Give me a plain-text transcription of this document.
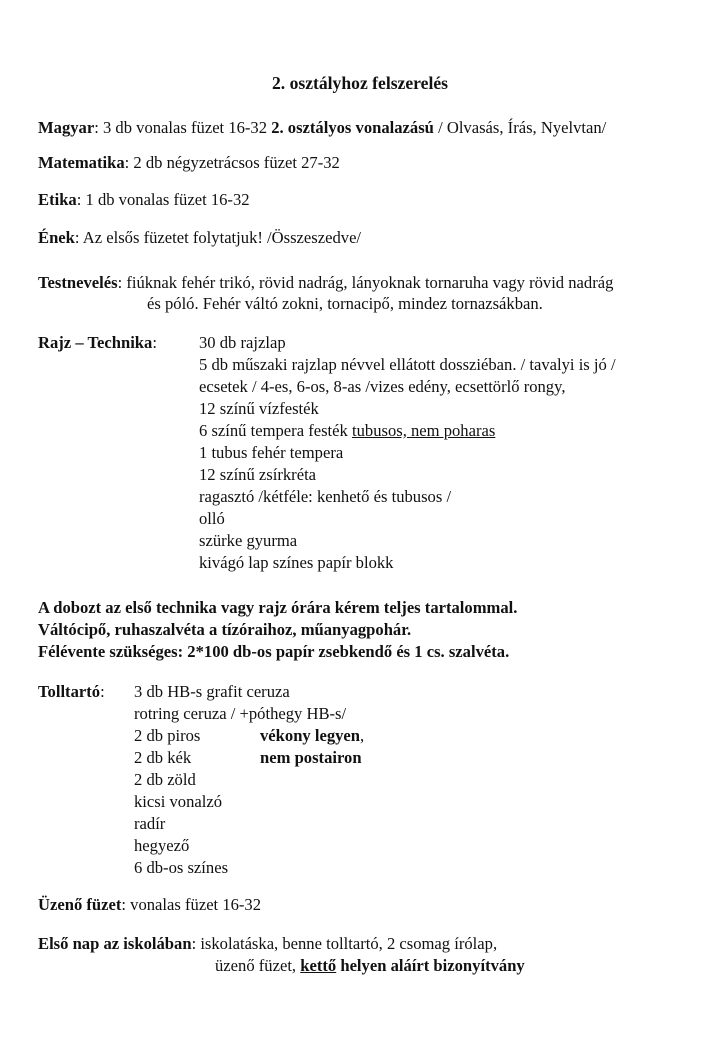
2. osztályhoz felszerelés
Magyar: 3 db vonalas füzet 16-32 2. osztályos vonalazású / Olvasás, Írás, Nyelvtan/
Matematika: 2 db négyzetrácsos füzet 27-32
Etika: 1 db vonalas füzet 16-32
Ének: Az elsős füzetet folytatjuk! /Összeszedve/
Testnevelés: fiúknak fehér trikó, rövid nadrág, lányoknak tornaruha vagy rövid nadrág
és póló. Fehér váltó zokni, tornacipő, mindez tornazsákban.
Rajz – Technika:	30 db rajzlap
5 db műszaki rajzlap névvel ellátott dossziéban. / tavalyi is jó /
ecsetek / 4-es, 6-os, 8-as /vizes edény, ecsettörlő rongy,
12 színű vízfesték
6 színű tempera festék tubusos, nem poharas
1 tubus fehér tempera
12 színű zsírkréta
ragasztó /kétféle: kenhető és tubusos /
olló
szürke gyurma
kivágó lap színes papír blokk
A dobozt az első technika vagy rajz órára kérem teljes tartalommal.
Váltócipő, ruhaszalvéta a tízóraihoz, műanyagpohár.
Félévente szükséges: 2*100 db-os papír zsebkendő és 1 cs. szalvéta.
Tolltartó: 3 db HB-s grafit ceruza
rotring ceruza / +póthegy HB-s/
2 db piros	vékony legyen,
2 db kék	nem postairon
2 db zöld
kicsi vonalzó
radír
hegyező
6 db-os színes
Üzenő füzet: vonalas füzet 16-32
Első nap az iskolában: iskolatáska, benne tolltartó, 2 csomag írólap,
üzenő füzet, kettő helyen aláírt bizonyítvány
